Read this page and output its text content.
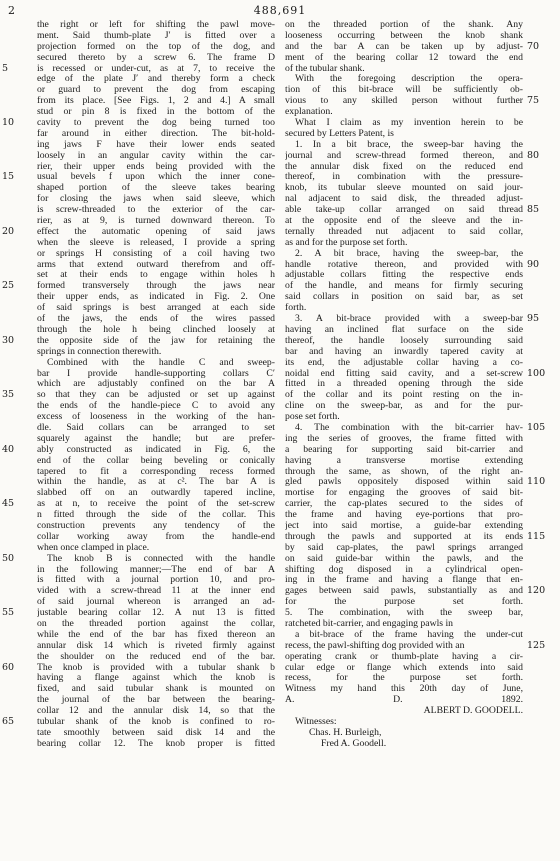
2	488,691
5
10
15
20
25
30
35
40
45
50
55
60
65
the right or left for shifting the pawl move-
ment. Said thumb-plate J′ is fitted over a
projection formed on the top of the dog, and
secured thereto by a screw 6. The frame D
is recessed or under-cut, as at 7, to receive the
edge of the plate J′ and thereby form a check
or guard to prevent the dog from escaping
from its place. [See Figs. 1, 2 and 4.] A small
stud or pin 8 is fixed in the bottom of the
cavity to prevent the dog being turned too
far around in either direction. The bit-hold-
ing jaws F have their lower ends seated
loosely in an angular cavity within the car-
rier, their upper ends being provided with the
usual bevels f upon which the inner cone-
shaped portion of the sleeve takes bearing
for closing the jaws when said sleeve, which
is screw-threaded to the exterior of the car-
rier, as at 9, is turned downward thereon. To
effect the automatic opening of said jaws
when the sleeve is released, I provide a spring
or springs H consisting of a coil having two
arms that extend outward therefrom and off-
set at their ends to engage within holes h
formed transversely through the jaws near
their upper ends, as indicated in Fig. 2. One
of said springs is best arranged at each side
of the jaws, the ends of the wires passed
through the hole h being clinched loosely at
the opposite side of the jaw for retaining the
springs in connection therewith.
Combined with the handle C and sweep-
bar I provide handle-supporting collars C′
which are adjustably confined on the bar A
so that they can be adjusted or set up against
the ends of the handle-piece C to avoid any
excess of looseness in the working of the han-
dle. Said collars can be arranged to set
squarely against the handle; but are prefer-
ably constructed as indicated in Fig. 6, the
end of the collar being beveling or conically
tapered to fit a corresponding recess formed
within the handle, as at c². The bar A is
slabbed off on an outwardly tapered incline,
as at n, to receive the point of the set-screw
n fitted through the side of the collar. This
construction prevents any tendency of the
collar working away from the handle-end
when once clamped in place.
The knob B is connected with the handle
in the following manner;—The end of bar A
is fitted with a journal portion 10, and pro-
vided with a screw-thread 11 at the inner end
of said journal whereon is arranged an ad-
justable bearing collar 12. A nut 13 is fitted
on the threaded portion against the collar,
while the end of the bar has fixed thereon an
annular disk 14 which is riveted firmly against
the shoulder on the reduced end of the bar.
The knob is provided with a tubular shank b
having a flange against which the knob is
fixed, and said tubular shank is mounted on
the journal of the bar between the bearing-
collar 12 and the annular disk 14, so that the
tubular shank of the knob is confined to ro-
tate smoothly between said disk 14 and the
bearing collar 12. The knob proper is fitted
on the threaded portion of the shank. Any
looseness occurring between the knob shank
and the bar A can be taken up by adjust-
ment of the bearing collar 12 toward the end
of the tubular shank.
With the foregoing description the opera-
tion of this bit-brace will be sufficiently ob-
vious to any skilled person without further
explanation.
What I claim as my invention herein to be
secured by Letters Patent, is
1. In a bit brace, the sweep-bar having the
journal and screw-thread formed thereon, and
the annular disk fixed on the reduced end
thereof, in combination with the pressure-
knob, its tubular sleeve mounted on said jour-
nal adjacent to said disk, the threaded adjust-
able take-up collar arranged on said thread
at the opposite end of the sleeve and the in-
ternally threaded nut adjacent to said collar,
as and for the purpose set forth.
2. A bit brace, having the sweep-bar, the
handle rotative thereon, and provided with
adjustable collars fitting the respective ends
of the handle, and means for firmly securing
said collars in position on said bar, as set
forth.
3. A bit-brace provided with a sweep-bar
having an inclined flat surface on the side
thereof, the handle loosely surrounding said
bar and having an inwardly tapered cavity at
its end, the adjustable collar having a co-
noidal end fitting said cavity, and a set-screw
fitted in a threaded opening through the side
of the collar and its point resting on the in-
cline on the sweep-bar, as and for the pur-
pose set forth.
4. The combination with the bit-carrier hav-
ing the series of grooves, the frame fitted with
a bearing for supporting said bit-carrier and
having a transverse mortise extending
through the same, as shown, of the right an-
gled pawls oppositely disposed within said
mortise for engaging the grooves of said bit-
carrier, the cap-plates secured to the sides of
the frame and having eye-portions that pro-
ject into said mortise, a guide-bar extending
through the pawls and supported at its ends
by said cap-plates, the pawl springs arranged
on said guide-bar within the pawls, and the
shifting dog disposed in a cylindrical open-
ing in the frame and having a flange that en-
gages between said pawls, substantially as and
for the purpose set forth.
5. The combination, with the sweep bar,
ratcheted bit-carrier, and engaging pawls in
a bit-brace of the frame having the under-cut
recess, the pawl-shifting dog provided with an
operating crank or thumb-plate having a cir-
cular edge or flange which extends into said
recess, for the purpose set forth.
Witness my hand this 20th day of June,
A. D. 1892.
ALBERT D. GOODELL.
Witnesses:
Chas. H. Burleigh,
Fred A. Goodell.
70
75
80
85
90
95
100
105
110
115
120
125
